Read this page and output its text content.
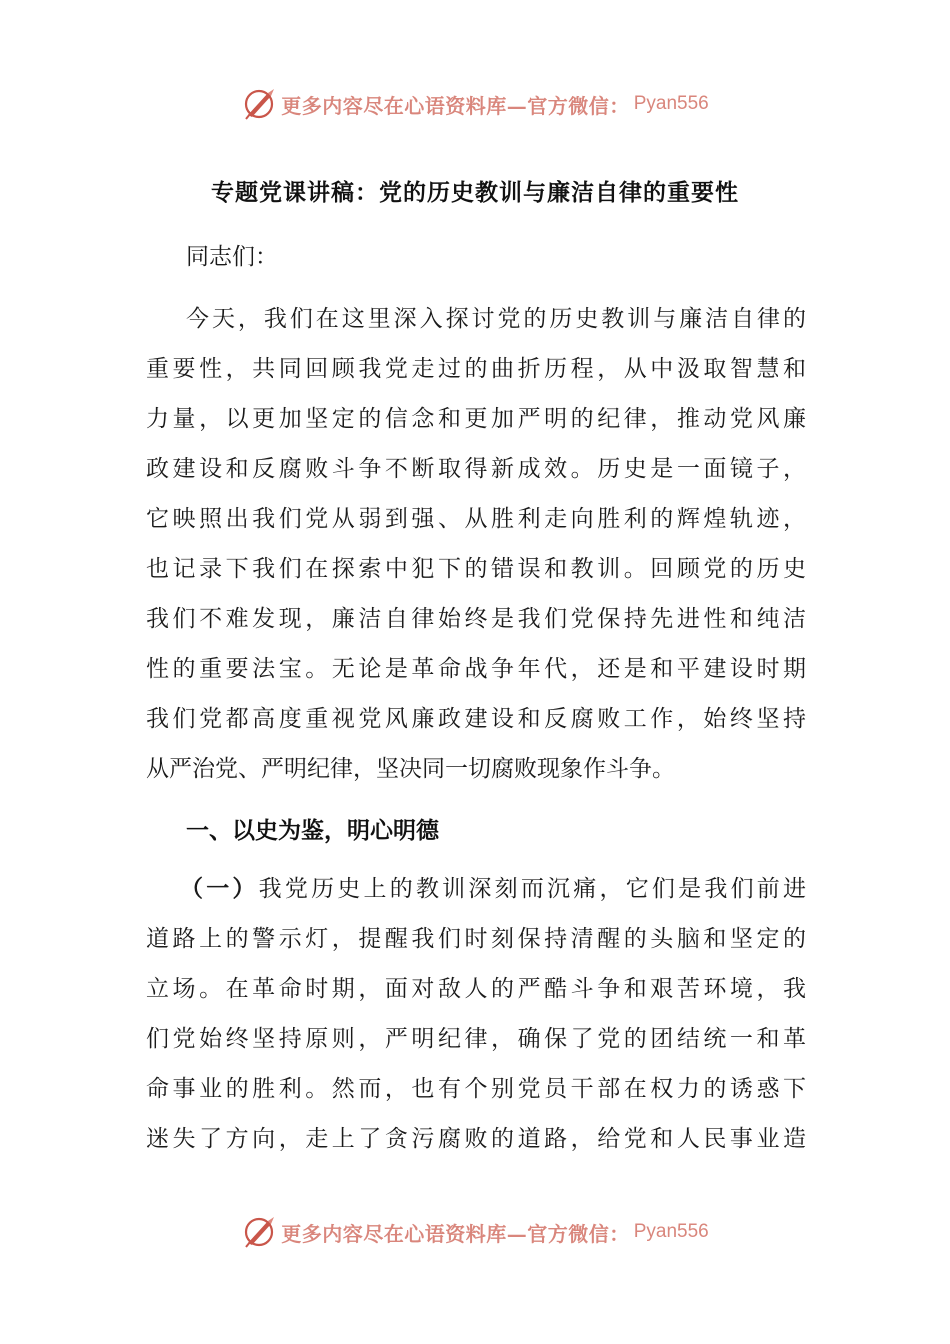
更多内容尽在心语资料库—官方微信： Pyan556
专题党课讲稿：党的历史教训与廉洁自律的重要性
同志们：
今天，我们在这里深入探讨党的历史教训与廉洁自律的
重要性，共同回顾我党走过的曲折历程，从中汲取智慧和
力量，以更加坚定的信念和更加严明的纪律，推动党风廉
政建设和反腐败斗争不断取得新成效。历史是一面镜子，
它映照出我们党从弱到强、从胜利走向胜利的辉煌轨迹，
也记录下我们在探索中犯下的错误和教训。回顾党的历史
我们不难发现，廉洁自律始终是我们党保持先进性和纯洁
性的重要法宝。无论是革命战争年代，还是和平建设时期
我们党都高度重视党风廉政建设和反腐败工作，始终坚持
从严治党、严明纪律，坚决同一切腐败现象作斗争。
一、以史为鉴，明心明德
（一）我党历史上的教训深刻而沉痛，它们是我们前进
道路上的警示灯，提醒我们时刻保持清醒的头脑和坚定的
立场。在革命时期，面对敌人的严酷斗争和艰苦环境，我
们党始终坚持原则，严明纪律，确保了党的团结统一和革
命事业的胜利。然而，也有个别党员干部在权力的诱惑下
迷失了方向，走上了贪污腐败的道路，给党和人民事业造
更多内容尽在心语资料库—官方微信： Pyan556
